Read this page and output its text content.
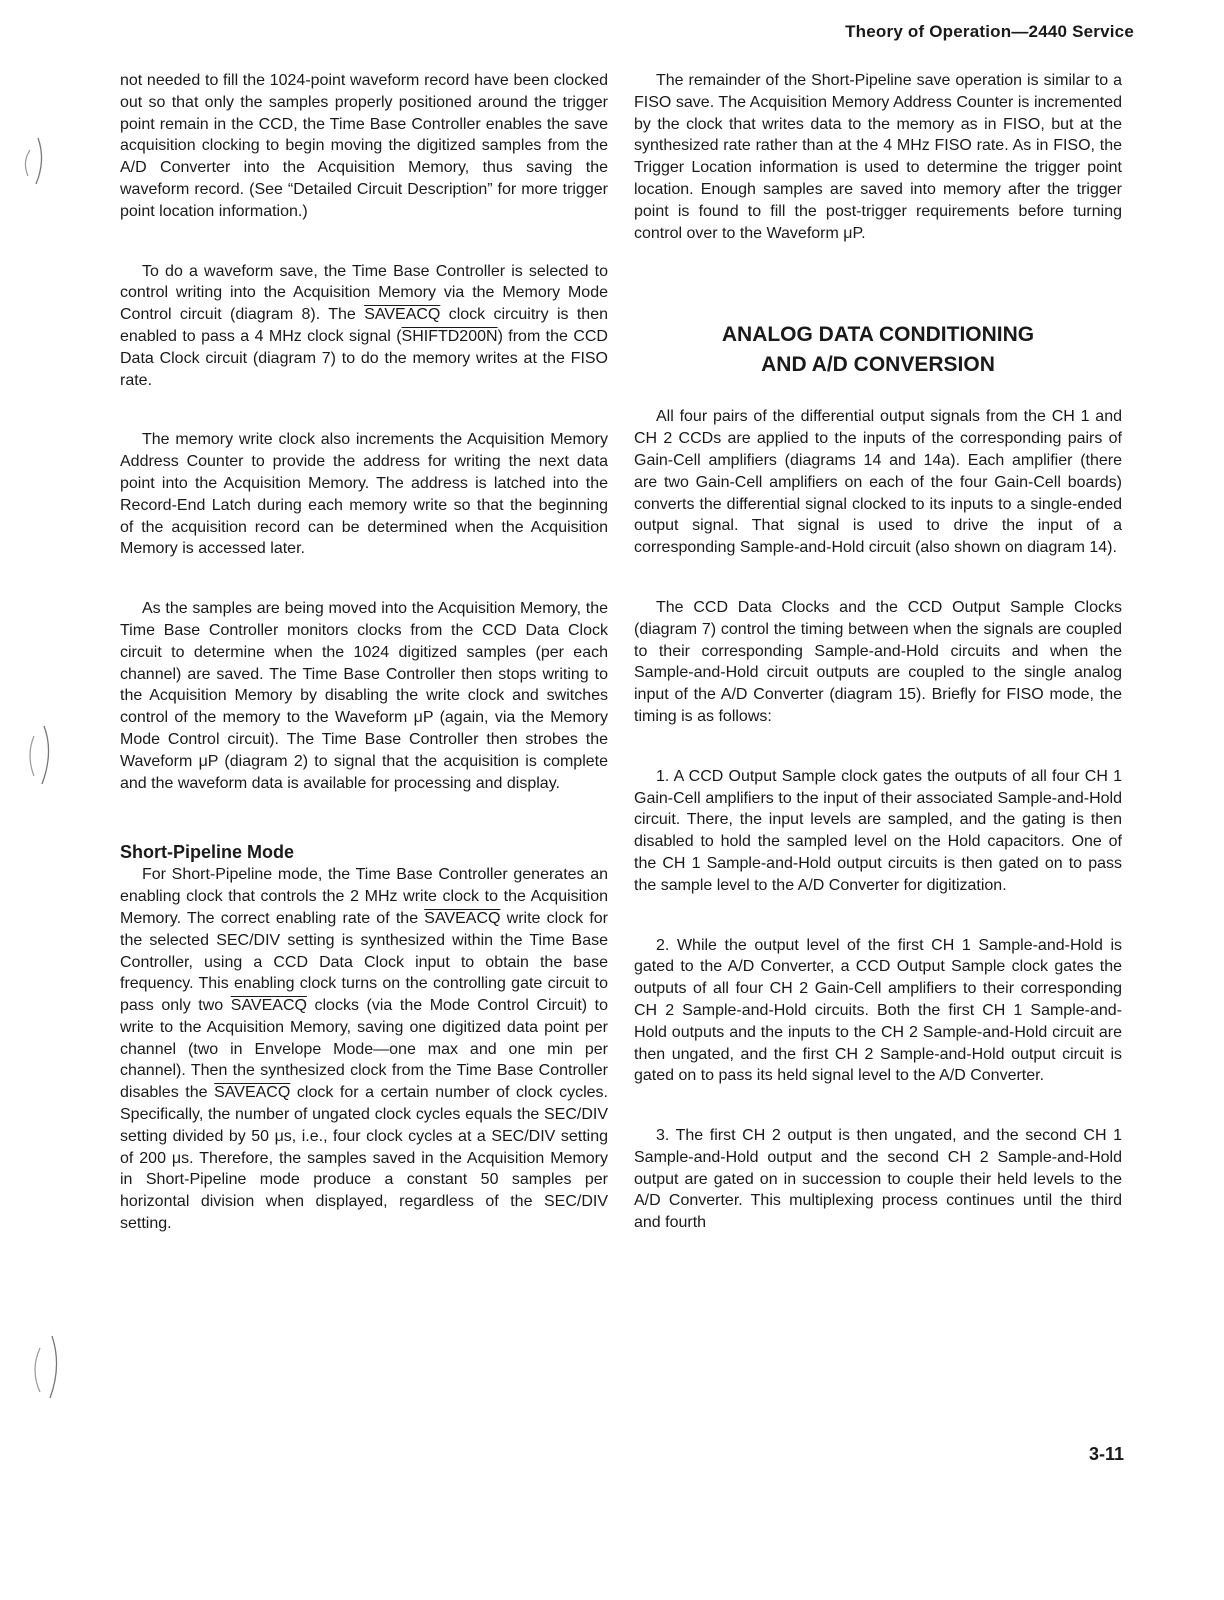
Theory of Operation—2440 Service

not needed to fill the 1024-point waveform record have been clocked out so that only the samples properly positioned around the trigger point remain in the CCD, the Time Base Controller enables the save acquisition clocking to begin moving the digitized samples from the A/D Converter into the Acquisition Memory, thus saving the waveform record. (See “Detailed Circuit Description” for more trigger point location information.)

To do a waveform save, the Time Base Controller is selected to control writing into the Acquisition Memory via the Memory Mode Control circuit (diagram 8). The SAVEACQ clock circuitry is then enabled to pass a 4 MHz clock signal (SHIFTD200N) from the CCD Data Clock circuit (diagram 7) to do the memory writes at the FISO rate.

The memory write clock also increments the Acquisition Memory Address Counter to provide the address for writing the next data point into the Acquisition Memory. The address is latched into the Record-End Latch during each memory write so that the beginning of the acquisition record can be determined when the Acquisition Memory is accessed later.

As the samples are being moved into the Acquisition Memory, the Time Base Controller monitors clocks from the CCD Data Clock circuit to determine when the 1024 digitized samples (per each channel) are saved. The Time Base Controller then stops writing to the Acquisition Memory by disabling the write clock and switches control of the memory to the Waveform μP (again, via the Memory Mode Control circuit). The Time Base Controller then strobes the Waveform μP (diagram 2) to signal that the acquisition is complete and the waveform data is available for processing and display.

Short-Pipeline Mode

For Short-Pipeline mode, the Time Base Controller generates an enabling clock that controls the 2 MHz write clock to the Acquisition Memory. The correct enabling rate of the SAVEACQ write clock for the selected SEC/DIV setting is synthesized within the Time Base Controller, using a CCD Data Clock input to obtain the base frequency. This enabling clock turns on the controlling gate circuit to pass only two SAVEACQ clocks (via the Mode Control Circuit) to write to the Acquisition Memory, saving one digitized data point per channel (two in Envelope Mode—one max and one min per channel). Then the synthesized clock from the Time Base Controller disables the SAVEACQ clock for a certain number of clock cycles. Specifically, the number of ungated clock cycles equals the SEC/DIV setting divided by 50 μs, i.e., four clock cycles at a SEC/DIV setting of 200 μs. Therefore, the samples saved in the Acquisition Memory in Short-Pipeline mode produce a constant 50 samples per horizontal division when displayed, regardless of the SEC/DIV setting.

The remainder of the Short-Pipeline save operation is similar to a FISO save. The Acquisition Memory Address Counter is incremented by the clock that writes data to the memory as in FISO, but at the synthesized rate rather than at the 4 MHz FISO rate. As in FISO, the Trigger Location information is used to determine the trigger point location. Enough samples are saved into memory after the trigger point is found to fill the post-trigger requirements before turning control over to the Waveform μP.

ANALOG DATA CONDITIONING
AND A/D CONVERSION

All four pairs of the differential output signals from the CH 1 and CH 2 CCDs are applied to the inputs of the corresponding pairs of Gain-Cell amplifiers (diagrams 14 and 14a). Each amplifier (there are two Gain-Cell amplifiers on each of the four Gain-Cell boards) converts the differential signal clocked to its inputs to a single-ended output signal. That signal is used to drive the input of a corresponding Sample-and-Hold circuit (also shown on diagram 14).

The CCD Data Clocks and the CCD Output Sample Clocks (diagram 7) control the timing between when the signals are coupled to their corresponding Sample-and-Hold circuits and when the Sample-and-Hold circuit outputs are coupled to the single analog input of the A/D Converter (diagram 15). Briefly for FISO mode, the timing is as follows:

1. A CCD Output Sample clock gates the outputs of all four CH 1 Gain-Cell amplifiers to the input of their associated Sample-and-Hold circuit. There, the input levels are sampled, and the gating is then disabled to hold the sampled level on the Hold capacitors. One of the CH 1 Sample-and-Hold output circuits is then gated on to pass the sample level to the A/D Converter for digitization.

2. While the output level of the first CH 1 Sample-and-Hold is gated to the A/D Converter, a CCD Output Sample clock gates the outputs of all four CH 2 Gain-Cell amplifiers to their corresponding CH 2 Sample-and-Hold circuits. Both the first CH 1 Sample-and-Hold outputs and the inputs to the CH 2 Sample-and-Hold circuit are then ungated, and the first CH 2 Sample-and-Hold output circuit is gated on to pass its held signal level to the A/D Converter.

3. The first CH 2 output is then ungated, and the second CH 1 Sample-and-Hold output and the second CH 2 Sample-and-Hold output are gated on in succession to couple their held levels to the A/D Converter. This multiplexing process continues until the third and fourth

3-11
